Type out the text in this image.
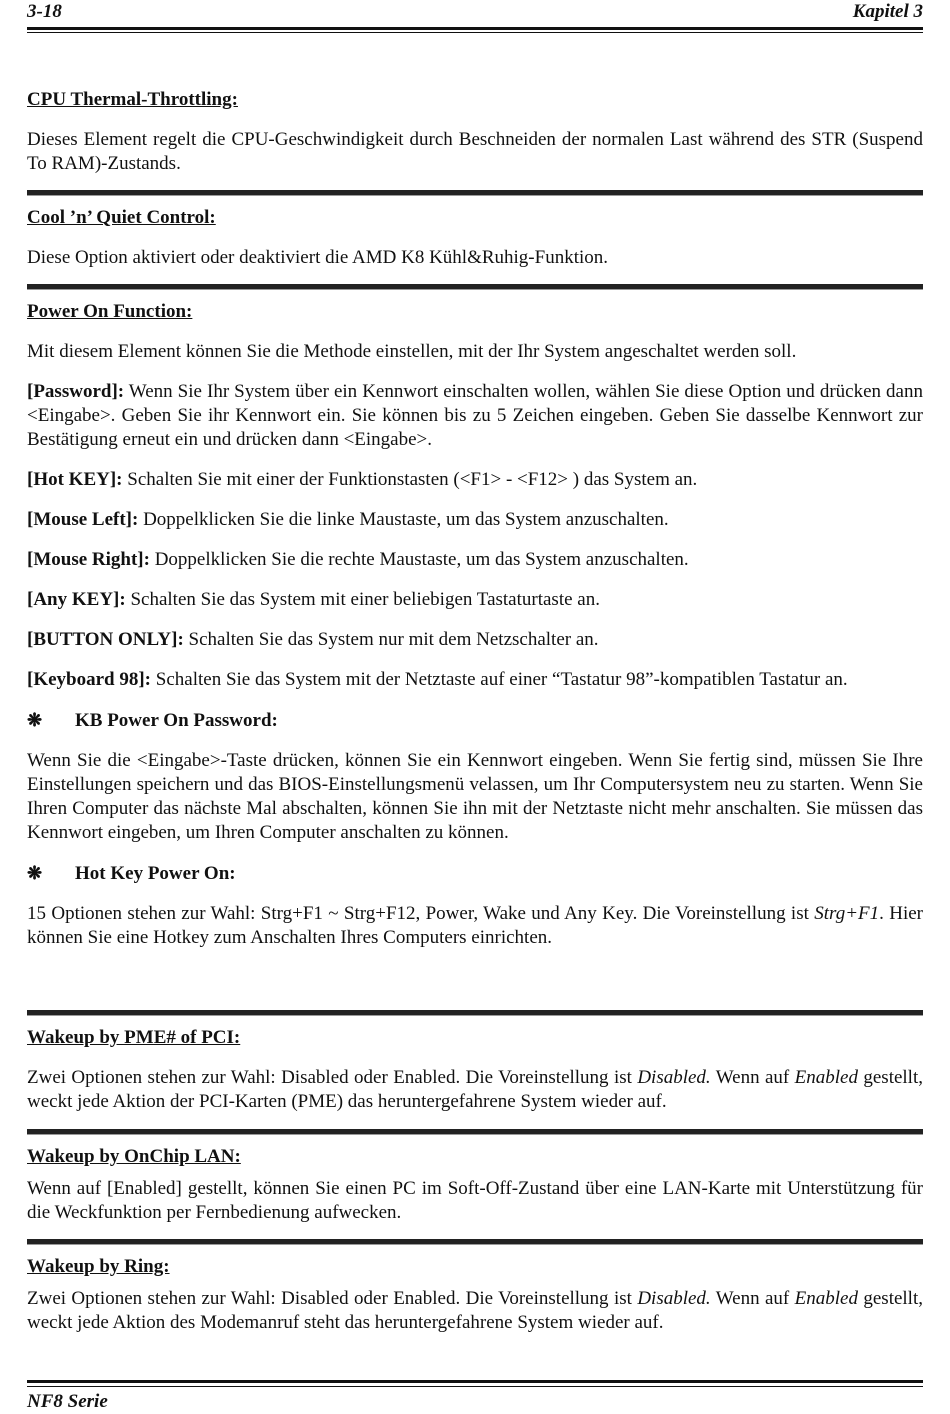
3-18	Kapitel 3
CPU Thermal-Throttling:
Dieses Element regelt die CPU-Geschwindigkeit durch Beschneiden der normalen Last während des STR (Suspend To RAM)-Zustands.
Cool ’n’ Quiet Control:
Diese Option aktiviert oder deaktiviert die AMD K8 Kühl&Ruhig-Funktion.
Power On Function:
Mit diesem Element können Sie die Methode einstellen, mit der Ihr System angeschaltet werden soll.
[Password]: Wenn Sie Ihr System über ein Kennwort einschalten wollen, wählen Sie diese Option und drücken dann <Eingabe>. Geben Sie ihr Kennwort ein. Sie können bis zu 5 Zeichen eingeben. Geben Sie dasselbe Kennwort zur Bestätigung erneut ein und drücken dann <Eingabe>.
[Hot KEY]: Schalten Sie mit einer der Funktionstasten (<F1> - <F12> ) das System an.
[Mouse Left]: Doppelklicken Sie die linke Maustaste, um das System anzuschalten.
[Mouse Right]: Doppelklicken Sie die rechte Maustaste, um das System anzuschalten.
[Any KEY]: Schalten Sie das System mit einer beliebigen Tastaturtaste an.
[BUTTON ONLY]: Schalten Sie das System nur mit dem Netzschalter an.
[Keyboard 98]: Schalten Sie das System mit der Netztaste auf einer “Tastatur 98”-kompatiblen Tastatur an.
❋ KB Power On Password:
Wenn Sie die <Eingabe>-Taste drücken, können Sie ein Kennwort eingeben. Wenn Sie fertig sind, müssen Sie Ihre Einstellungen speichern und das BIOS-Einstellungsmenü velassen, um Ihr Computersystem neu zu starten. Wenn Sie Ihren Computer das nächste Mal abschalten, können Sie ihn mit der Netztaste nicht mehr anschalten. Sie müssen das Kennwort eingeben, um Ihren Computer anschalten zu können.
❋ Hot Key Power On:
15 Optionen stehen zur Wahl: Strg+F1 ~ Strg+F12, Power, Wake und Any Key. Die Voreinstellung ist Strg+F1. Hier können Sie eine Hotkey zum Anschalten Ihres Computers einrichten.
Wakeup by PME# of PCI:
Zwei Optionen stehen zur Wahl: Disabled oder Enabled. Die Voreinstellung ist Disabled. Wenn auf Enabled gestellt, weckt jede Aktion der PCI-Karten (PME) das heruntergefahrene System wieder auf.
Wakeup by OnChip LAN:
Wenn auf [Enabled] gestellt, können Sie einen PC im Soft-Off-Zustand über eine LAN-Karte mit Unterstützung für die Weckfunktion per Fernbedienung aufwecken.
Wakeup by Ring:
Zwei Optionen stehen zur Wahl: Disabled oder Enabled. Die Voreinstellung ist Disabled. Wenn auf Enabled gestellt, weckt jede Aktion des Modemanruf steht das heruntergefahrene System wieder auf.
NF8 Serie
